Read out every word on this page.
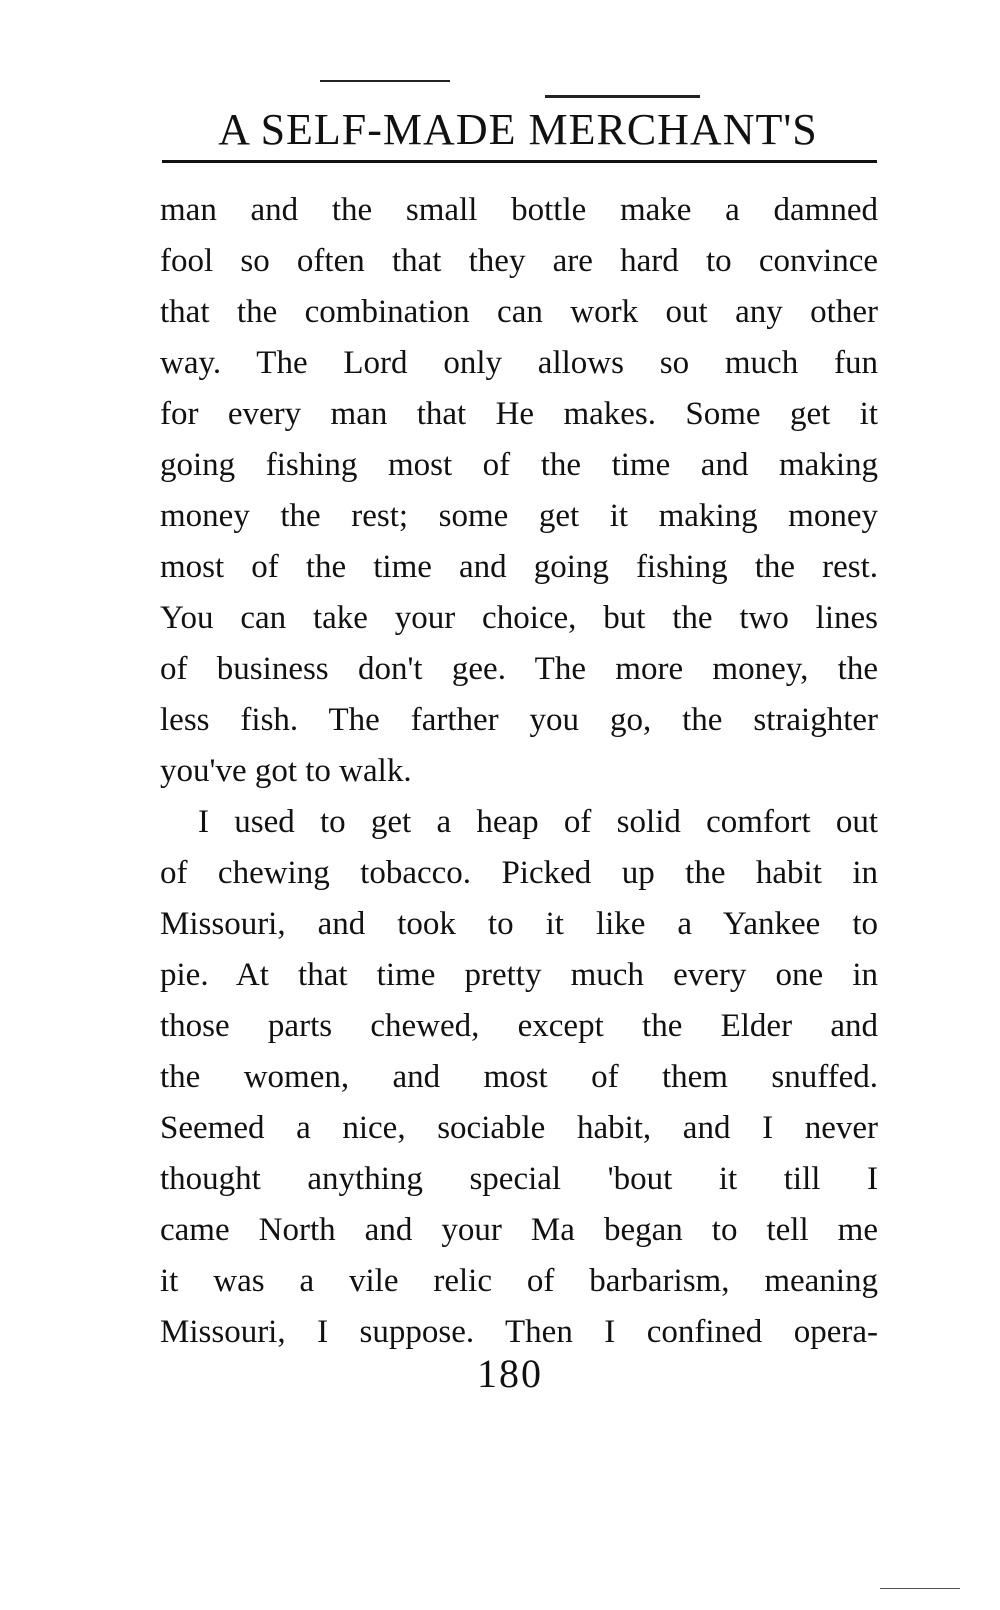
A SELF-MADE MERCHANT'S
man and the small bottle make a damned
fool so often that they are hard to convince
that the combination can work out any other
way. The Lord only allows so much fun
for every man that He makes. Some get it
going fishing most of the time and making
money the rest; some get it making money
most of the time and going fishing the rest.
You can take your choice, but the two lines
of business don't gee. The more money, the
less fish. The farther you go, the straighter
you've got to walk.
I used to get a heap of solid comfort out
of chewing tobacco. Picked up the habit in
Missouri, and took to it like a Yankee to
pie. At that time pretty much every one in
those parts chewed, except the Elder and
the women, and most of them snuffed.
Seemed a nice, sociable habit, and I never
thought anything special 'bout it till I
came North and your Ma began to tell me
it was a vile relic of barbarism, meaning
Missouri, I suppose. Then I confined opera-
180
